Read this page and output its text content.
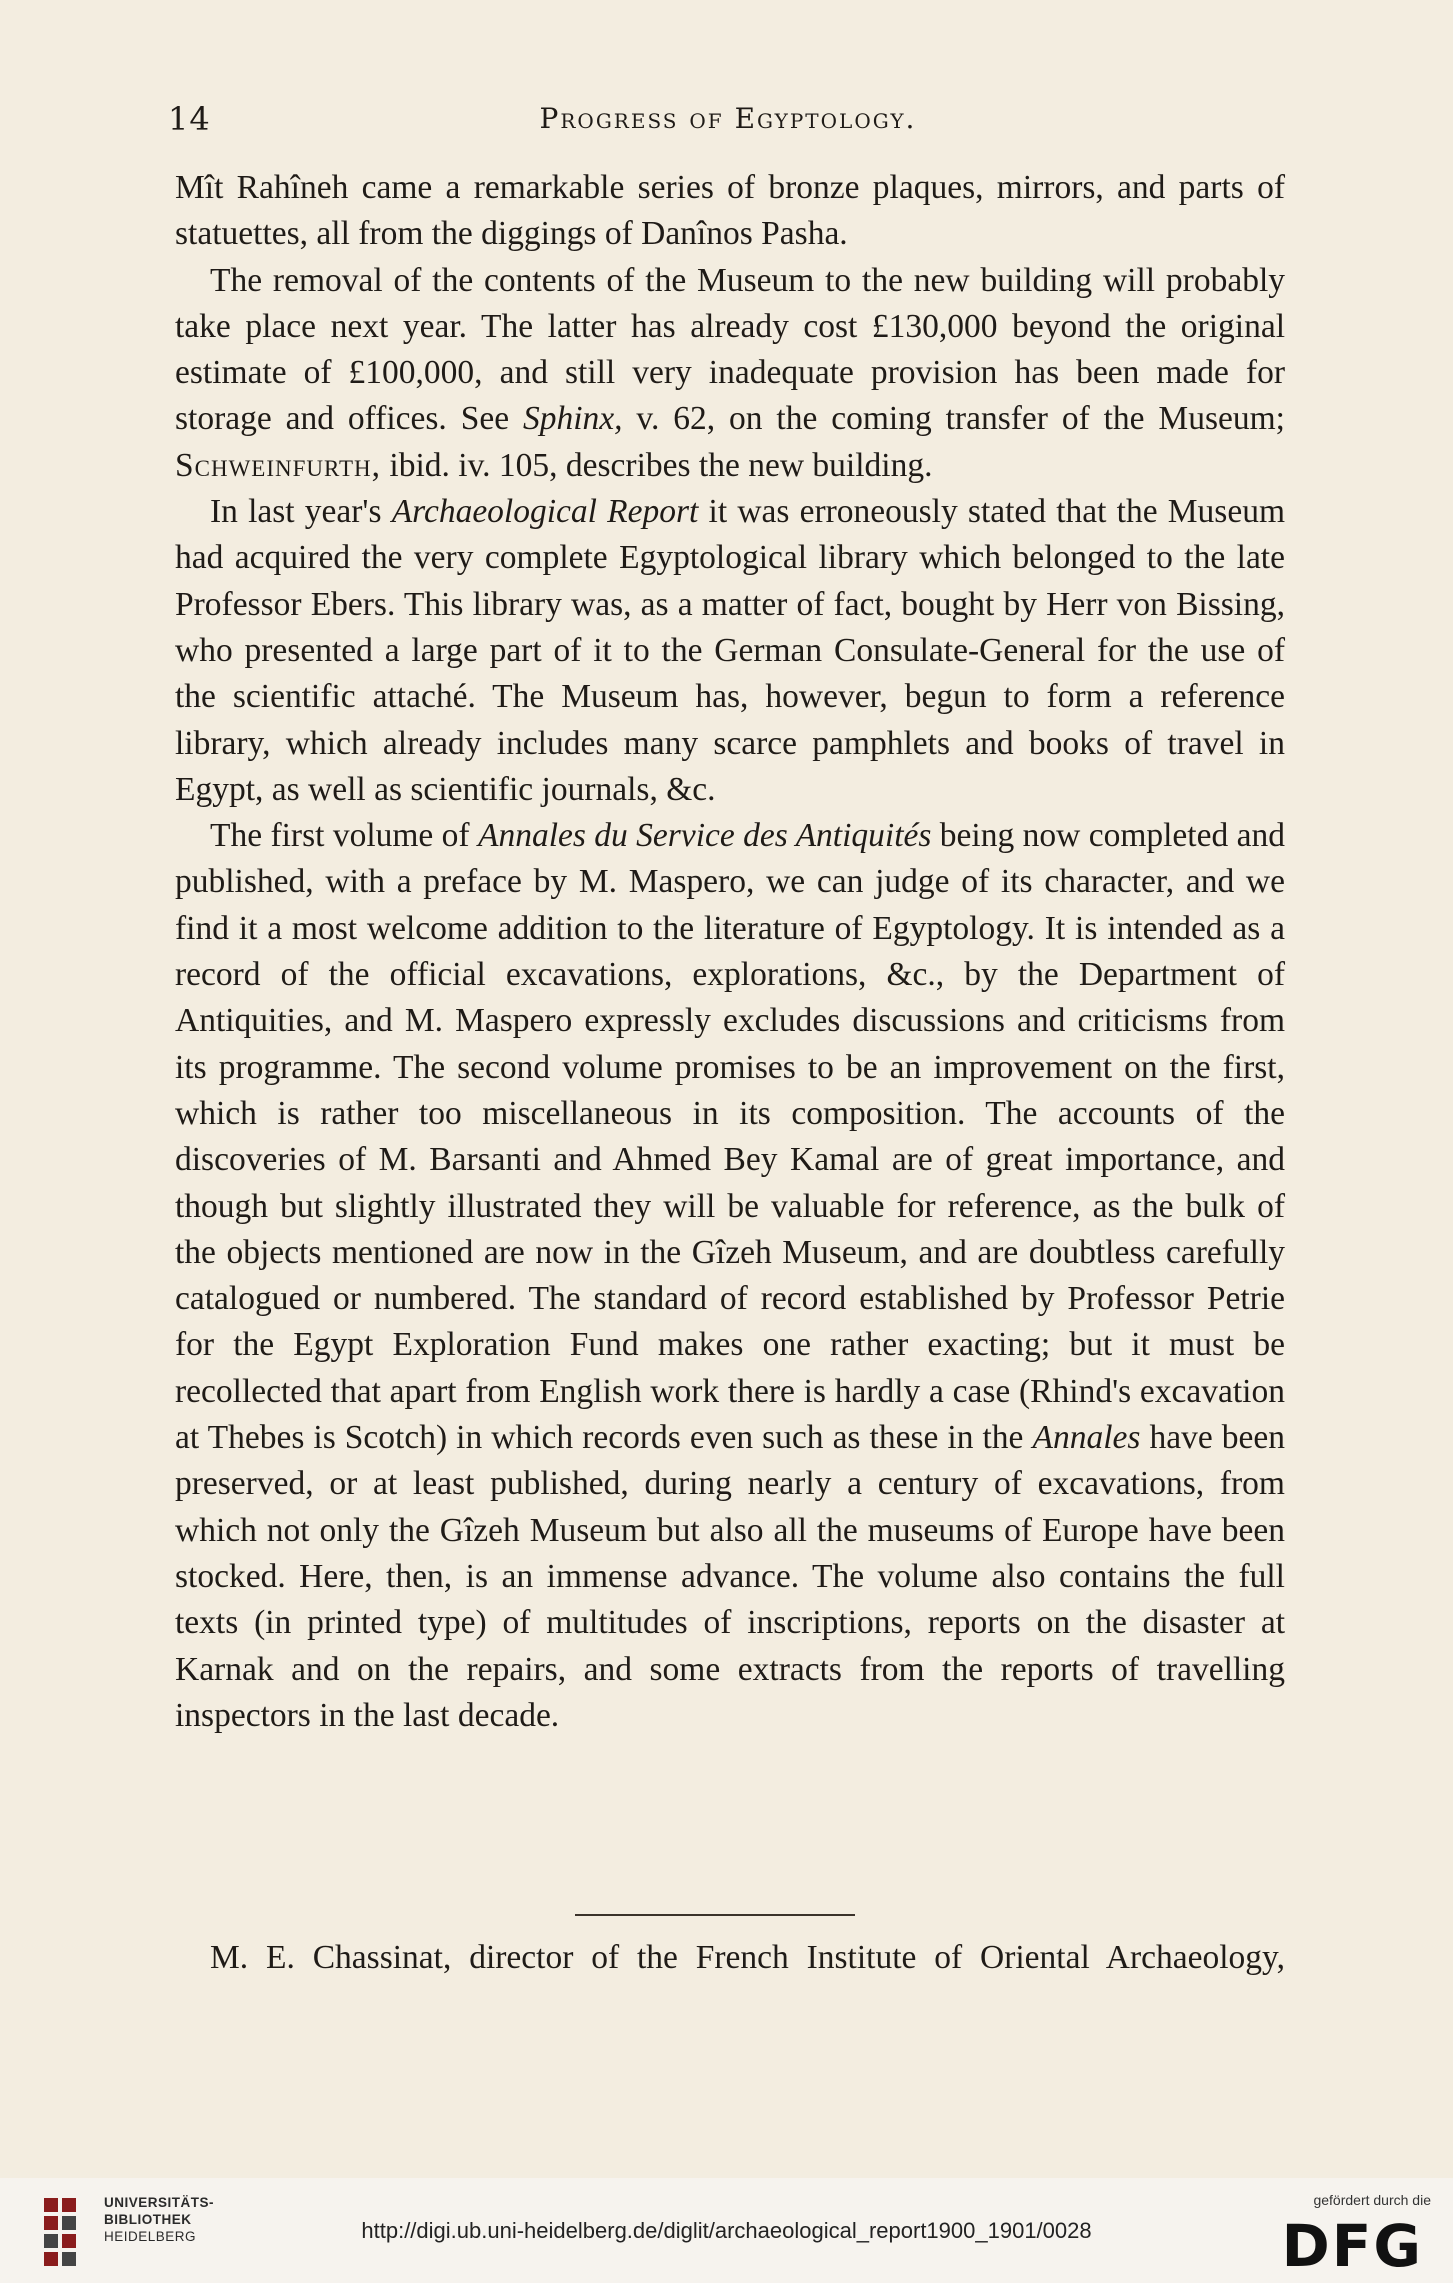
14	Progress of Egyptology.

Mît Rahîneh came a remarkable series of bronze plaques, mirrors, and parts of statuettes, all from the diggings of Danînos Pasha.

The removal of the contents of the Museum to the new building will probably take place next year. The latter has already cost £130,000 beyond the original estimate of £100,000, and still very inadequate provision has been made for storage and offices. See Sphinx, v. 62, on the coming transfer of the Museum; Schweinfurth, ibid. iv. 105, describes the new building.

In last year's Archaeological Report it was erroneously stated that the Museum had acquired the very complete Egyptological library which belonged to the late Professor Ebers. This library was, as a matter of fact, bought by Herr von Bissing, who presented a large part of it to the German Consulate-General for the use of the scientific attaché. The Museum has, however, begun to form a reference library, which already includes many scarce pamphlets and books of travel in Egypt, as well as scientific journals, &c.

The first volume of Annales du Service des Antiquités being now completed and published, with a preface by M. Maspero, we can judge of its character, and we find it a most welcome addition to the literature of Egyptology. It is intended as a record of the official excavations, explorations, &c., by the Department of Antiquities, and M. Maspero expressly excludes discussions and criticisms from its programme. The second volume promises to be an improvement on the first, which is rather too miscellaneous in its composition. The accounts of the discoveries of M. Barsanti and Ahmed Bey Kamal are of great importance, and though but slightly illustrated they will be valuable for reference, as the bulk of the objects mentioned are now in the Gîzeh Museum, and are doubtless carefully catalogued or numbered. The standard of record established by Professor Petrie for the Egypt Exploration Fund makes one rather exacting; but it must be recollected that apart from English work there is hardly a case (Rhind's excavation at Thebes is Scotch) in which records even such as these in the Annales have been preserved, or at least published, during nearly a century of excavations, from which not only the Gîzeh Museum but also all the museums of Europe have been stocked. Here, then, is an immense advance. The volume also contains the full texts (in printed type) of multitudes of inscriptions, reports on the disaster at Karnak and on the repairs, and some extracts from the reports of travelling inspectors in the last decade.

M. E. Chassinat, director of the French Institute of Oriental Archaeology,
UNIVERSITÄTS-
BIBLIOTHEK
HEIDELBERG	http://digi.ub.uni-heidelberg.de/diglit/archaeological_report1900_1901/0028
gefördert durch die
DFG
